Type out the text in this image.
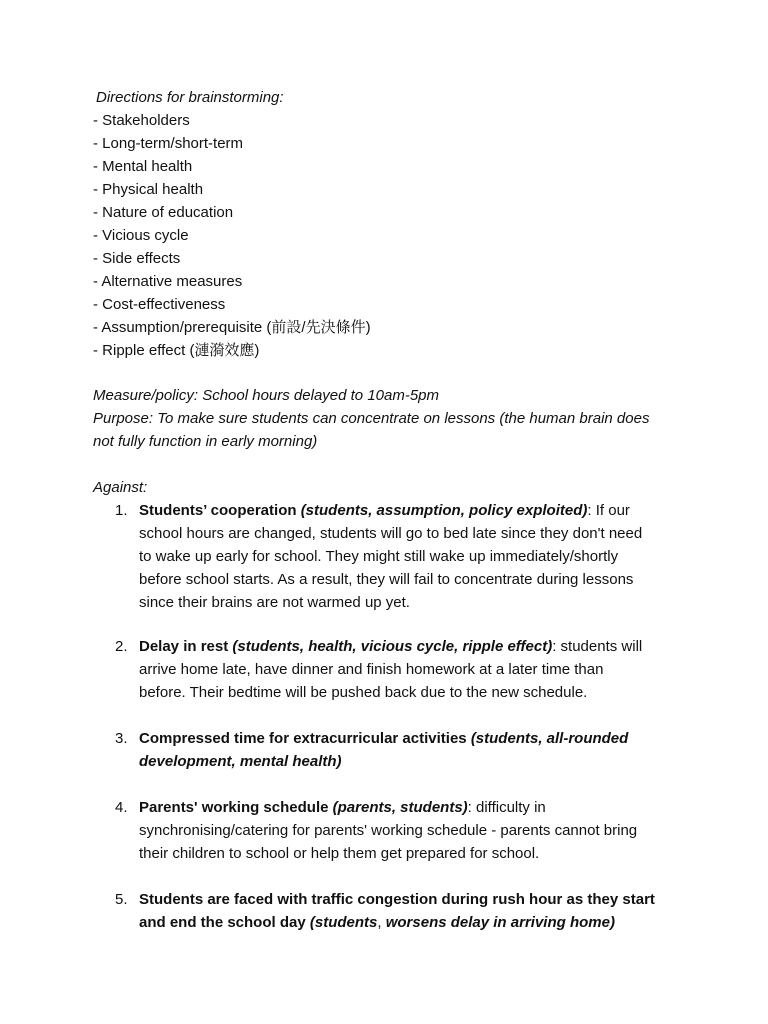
Directions for brainstorming:
- Stakeholders
- Long-term/short-term
- Mental health
- Physical health
- Nature of education
- Vicious cycle
- Side effects
- Alternative measures
- Cost-effectiveness
- Assumption/prerequisite (前設/先決條件)
- Ripple effect (漣漪效應)
Measure/policy: School hours delayed to 10am-5pm
Purpose: To make sure students can concentrate on lessons (the human brain does
not fully function in early morning)
Against:
1. Students’ cooperation (students, assumption, policy exploited): If our
school hours are changed, students will go to bed late since they don't need
to wake up early for school. They might still wake up immediately/shortly
before school starts. As a result, they will fail to concentrate during lessons
since their brains are not warmed up yet.
2. Delay in rest (students, health, vicious cycle, ripple effect): students will
arrive home late, have dinner and finish homework at a later time than
before. Their bedtime will be pushed back due to the new schedule.
3. Compressed time for extracurricular activities (students, all-rounded
development, mental health)
4. Parents' working schedule (parents, students): difficulty in
synchronising/catering for parents' working schedule - parents cannot bring
their children to school or help them get prepared for school.
5. Students are faced with traffic congestion during rush hour as they start
and end the school day (students, worsens delay in arriving home)
